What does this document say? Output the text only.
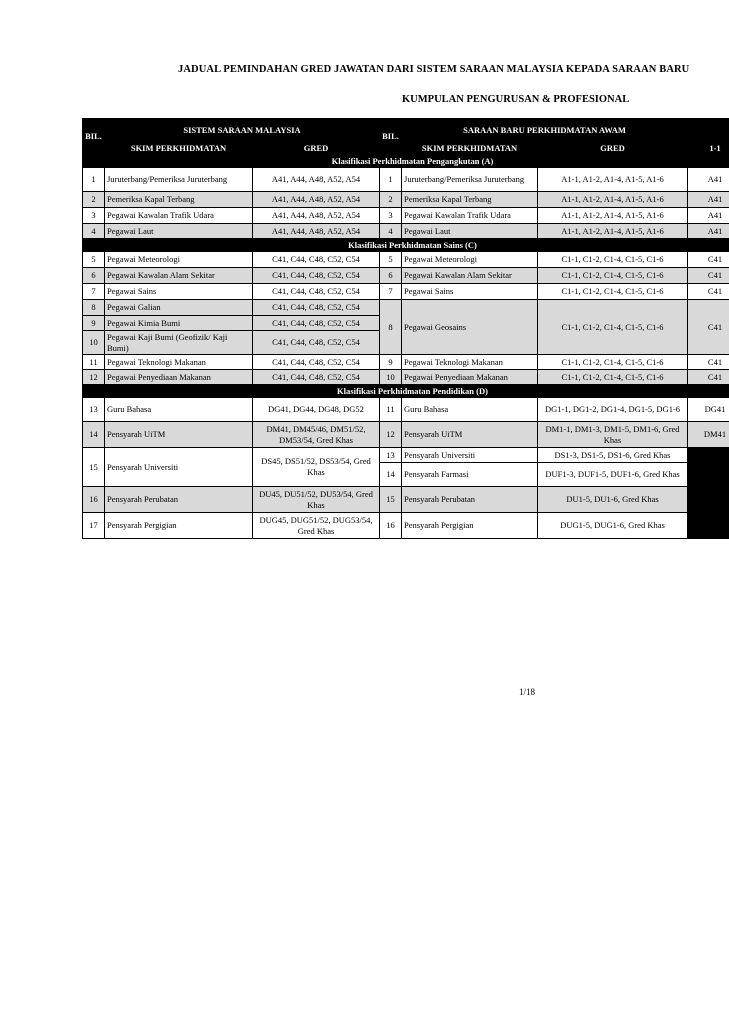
JADUAL PEMINDAHAN GRED JAWATAN DARI SISTEM SARAAN MALAYSIA KEPADA SARAAN BARU
KUMPULAN PENGURUSAN & PROFESIONAL
BIL.	SISTEM SARAAN MALAYSIA		BIL.	SARAAN BARU PERKHIDMATAN AWAM		
	SKIM PERKHIDMATAN	GRED		SKIM PERKHIDMATAN	GRED	1-1
Klasifikasi Perkhidmatan Pengangkutan (A)						
1	Juruterbang/Pemeriksa Juruterbang	A41, A44, A48, A52, A54	1	Juruterbang/Pemeriksa Juruterbang	A1-1, A1-2, A1-4, A1-5, A1-6	A41
2	Pemeriksa Kapal Terbang	A41, A44, A48, A52, A54	2	Pemeriksa Kapal Terbang	A1-1, A1-2, A1-4, A1-5, A1-6	A41
3	Pegawai Kawalan Trafik Udara	A41, A44, A48, A52, A54	3	Pegawai Kawalan Trafik Udara	A1-1, A1-2, A1-4, A1-5, A1-6	A41
4	Pegawai Laut	A41, A44, A48, A52, A54	4	Pegawai Laut	A1-1, A1-2, A1-4, A1-5, A1-6	A41
Klasifikasi Perkhidmatan Sains (C)						
5	Pegawai Meteorologi	C41, C44, C48, C52, C54	5	Pegawai Meteorologi	C1-1, C1-2, C1-4, C1-5, C1-6	C41
6	Pegawai Kawalan Alam Sekitar	C41, C44, C48, C52, C54	6	Pegawai Kawalan Alam Sekitar	C1-1, C1-2, C1-4, C1-5, C1-6	C41
7	Pegawai Sains	C41, C44, C48, C52, C54	7	Pegawai Sains	C1-1, C1-2, C1-4, C1-5, C1-6	C41
8	Pegawai Galian	C41, C44, C48, C52, C54	8	Pegawai Geosains	C1-1, C1-2, C1-4, C1-5, C1-6	C41
9	Pegawai Kimia Bumi	C41, C44, C48, C52, C54				
10	Pegawai Kaji Bumi (Geofizik/ Kaji Bumi)	C41, C44, C48, C52, C54				
11	Pegawai Teknologi Makanan	C41, C44, C48, C52, C54	9	Pegawai Teknologi Makanan	C1-1, C1-2, C1-4, C1-5, C1-6	C41
12	Pegawai Penyediaan Makanan	C41, C44, C48, C52, C54	10	Pegawai Penyediaan Makanan	C1-1, C1-2, C1-4, C1-5, C1-6	C41
Klasifikasi Perkhidmatan Pendidikan (D)						
13	Guru Bahasa	DG41, DG44, DG48, DG52	11	Guru Bahasa	DG1-1, DG1-2, DG1-4, DG1-5, DG1-6	DG41
14	Pensyarah UiTM	DM41, DM45/46, DM51/52, DM53/54, Gred Khas	12	Pensyarah UiTM	DM1-1, DM1-3, DM1-5, DM1-6, Gred Khas	DM41
15	Pensyarah Universiti	DS45, DS51/52, DS53/54, Gred Khas	13	Pensyarah Universiti	DS1-3, DS1-5, DS1-6, Gred Khas	
			14	Pensyarah Farmasi	DUF1-3, DUF1-5, DUF1-6, Gred Khas	
16	Pensyarah Perubatan	DU45, DU51/52, DU53/54, Gred Khas	15	Pensyarah Perubatan	DU1-5, DU1-6, Gred Khas	
17	Pensyarah Pergigian	DUG45, DUG51/52, DUG53/54, Gred Khas	16	Pensyarah Pergigian	DUG1-5, DUG1-6, Gred Khas	
1/18
